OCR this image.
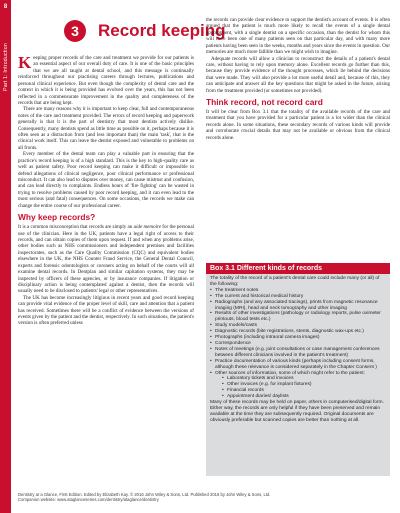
8
Part 1: Introduction
3	Record keeping

Keeping proper records of the care and treatment we provide for our patients is an essential aspect of our overall duty of care. It is one of the basic principles that we are all taught at dental school, and this message is continually reinforced throughout our practising careers through lectures, publications and personal clinical experience. But even though the complexity of dental care and the context in which it is being provided has evolved over the years, this has not been reflected in a commensurate improvement in the quality and completeness of the records that are being kept.

There are many reasons why it is important to keep clear, full and contemporaneous notes of the care and treatment provided. The errors of record keeping and paperwork generally is that it is the part of dentistry that most dentists actively dislike. Consequently, many dentists spend as little time as possible on it, perhaps because it is often seen as a distraction from (and less important than) the main 'task', that is the clinical work itself. This can leave the dentist exposed and vulnerable to problems on all fronts.

Every member of the dental team can play a valuable part in ensuring that the practice's record keeping is of a high standard. This is the key to high-quality care as well as patient safety. Poor record keeping can make it difficult or impossible to defend allegations of clinical negligence, poor clinical performance or professional misconduct. It can also lead to disputes over money, can cause mistrust and confusion, and can lead directly to complaints. Endless hours of 'fire fighting' can be wasted in trying to resolve problems caused by poor record keeping, and it can even lead to the most serious (and fatal) consequences. On some occasions, the records we make can change the entire course of our professional career.

Why keep records?

It is a common misconception that records are simply an aide memoire for the personal use of the clinician. Here in the UK, patients have a legal right of access to their records, and can obtain copies of them upon request. If and when any problems arise, other bodies such as NHS commissioners and independent premises and facilities inspectorates, such as the Care Quality Commission (CQC) and equivalent bodies elsewhere in the UK, the NHS Counter Fraud Service, the General Dental Council, experts and forensic odontologists or coroners acting on behalf of the courts will all examine dental records. In Dentplan and similar capitation systems, they may be inspected by officers of these agencies, or by insurance companies. If litigation or disciplinary action is being contemplated against a dentist, then the records will usually need to be disclosed to patients' legal or other representatives.

The UK has become increasingly litigious in recent years and good record keeping can provide vital evidence of the proper level of skill, care and attention that a patient has received. Sometimes there will be a conflict of evidence between the versions of events given by the patient and the dentist, respectively. In such situations, the patient's version is often preferred unless

the records can provide clear evidence to support the dentist's account of events. It is often argued that the patient is much more likely to recall the events of a single dental appointment, with a single dentist on a specific occasion, than the dentist for whom this will have been one of many patients seen on that particular day, and with many more patients having been seen in the weeks, months and years since the events in question. Our memories are much more fallible than we might wish to imagine.

Adequate records will allow a clinician to reconstruct the details of a patient's dental care, without having to rely upon memory alone. Excellent records go further than this, because they provide evidence of the thought processes, which lie behind the decisions that were made. They will also provide a lot more useful detail and, because of this, they can anticipate and answer all the key questions that might be asked in the future, arising from the treatment provided (or sometimes not provided).

Think record, not record card

It will be clear from Box 3.1 that the totality of the available records of the care and treatment that you have provided for a particular patient is a lot wider than the clinical records alone. In some situations, these secondary records of various kinds will provide and corroborate crucial details that may not be available or obvious from the clinical records alone.

Box 3.1 Different kinds of records

The totality of the record of a patient's dental care could include many (or all) of the following:

• The treatment notes
• The current and historical medical history
• Radiographs (and any associated tracings), prints from magnetic resonance imaging (MRI), head and neck tomography and other imaging
• Results of other investigations (pathology or radiology reports, pulse oximeter printouts, blood tests etc.)
• Study models/casts
• Diagnostic records (bite registrations, stents, diagnostic wax-ups etc.)
• Photographs (including intraoral camera images)
• Correspondence
• Notes of meetings (e.g. joint consultations or case management conferences between different clinicians involved in the patient's treatment)
• Practice documentation of various kinds (perhaps including consent forms, although these relevance is considered separately in the Chapter Consent )
• Other sources of information, some of which might refer to the patient:
• Laboratory tickets and invoices
• Other invoices (e.g. for implant fixtures)
• Financial records
• Appointment diaries/ daylists

Many of these records may be held on paper, others in computerised/digital form. Either way, the records are only helpful if they have been preserved and remain available at the time they are subsequently required. Original documents are obviously preferable but scanned copies are better than nothing at all.

Dentistry at a Glance, First Edition. Edited by Elizabeth Kay. © 2016 John Wiley & Sons, Ltd. Published 2016 by John Wiley & Sons, Ltd.
Companion website: www.ataglanceseries.com/dentistry/ataglance/dentistry
